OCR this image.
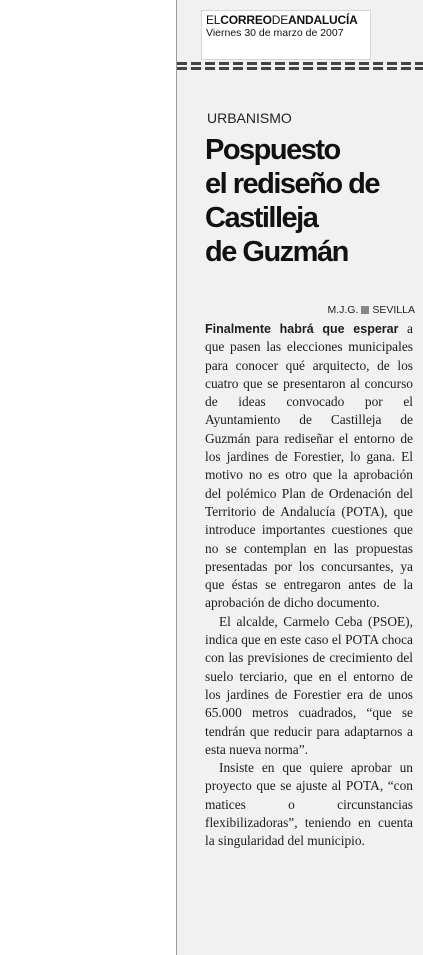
ELCORREODEANDALUCÍA
Viernes 30 de marzo de 2007
URBANISMO
Pospuesto
el rediseño de
Castilleja
de Guzmán
M.J.G. SEVILLA

Finalmente habrá que esperar a que pasen las elecciones municipales para conocer qué arquitecto, de los cuatro que se presentaron al concurso de ideas convocado por el Ayuntamiento de Castilleja de Guzmán para rediseñar el entorno de los jardines de Forestier, lo gana. El motivo no es otro que la aprobación del polémico Plan de Ordenación del Territorio de Andalucía (POTA), que introduce importantes cuestiones que no se contemplan en las propuestas presentadas por los concursantes, ya que éstas se entregaron antes de la aprobación de dicho documento.

El alcalde, Carmelo Ceba (PSOE), indica que en este caso el POTA choca con las previsiones de crecimiento del suelo terciario, que en el entorno de los jardines de Forestier era de unos 65.000 metros cuadrados, “que se tendrán que reducir para adaptarnos a esta nueva norma”.

Insiste en que quiere aprobar un proyecto que se ajuste al POTA, “con matices o circunstancias flexibilizadoras”, teniendo en cuenta la singularidad del municipio.
